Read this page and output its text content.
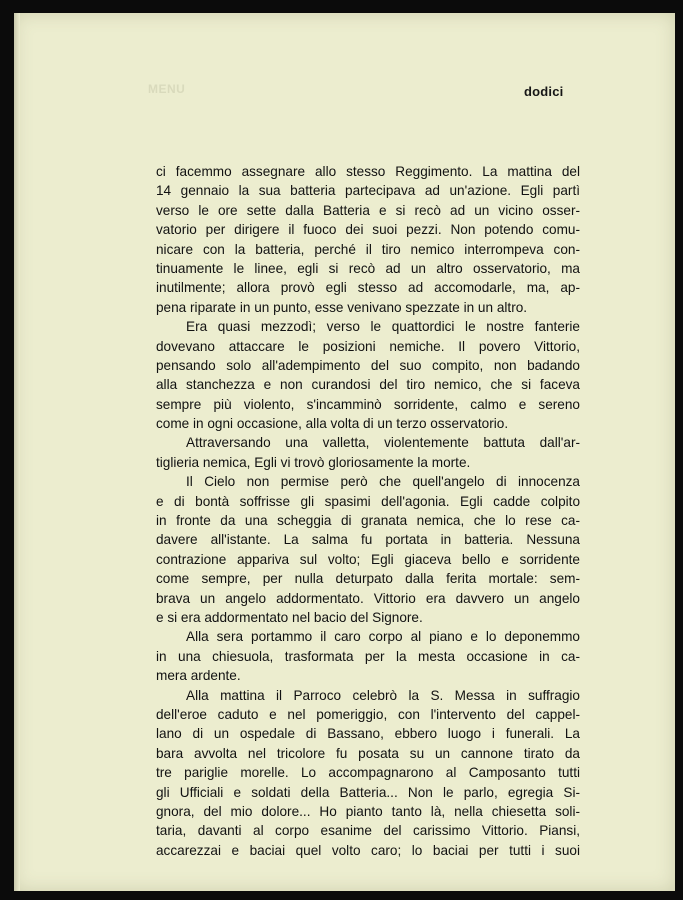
MENU	dodici
ci facemmo assegnare allo stesso Reggimento. La mattina del
14 gennaio la sua batteria partecipava ad un'azione. Egli partì
verso le ore sette dalla Batteria e si recò ad un vicino osser-
vatorio per dirigere il fuoco dei suoi pezzi. Non potendo comu-
nicare con la batteria, perché il tiro nemico interrompeva con-
tinuamente le linee, egli si recò ad un altro osservatorio, ma
inutilmente; allora provò egli stesso ad accomodarle, ma, ap-
pena riparate in un punto, esse venivano spezzate in un altro.
Era quasi mezzodì; verso le quattordici le nostre fanterie
dovevano attaccare le posizioni nemiche. Il povero Vittorio,
pensando solo all'adempimento del suo compito, non badando
alla stanchezza e non curandosi del tiro nemico, che si faceva
sempre più violento, s'incamminò sorridente, calmo e sereno
come in ogni occasione, alla volta di un terzo osservatorio.
Attraversando una valletta, violentemente battuta dall'ar-
tiglieria nemica, Egli vi trovò gloriosamente la morte.
Il Cielo non permise però che quell'angelo di innocenza
e di bontà soffrisse gli spasimi dell'agonia. Egli cadde colpito
in fronte da una scheggia di granata nemica, che lo rese ca-
davere all'istante. La salma fu portata in batteria. Nessuna
contrazione appariva sul volto; Egli giaceva bello e sorridente
come sempre, per nulla deturpato dalla ferita mortale: sem-
brava un angelo addormentato. Vittorio era davvero un angelo
e si era addormentato nel bacio del Signore.
Alla sera portammo il caro corpo al piano e lo deponemmo
in una chiesuola, trasformata per la mesta occasione in ca-
mera ardente.
Alla mattina il Parroco celebrò la S. Messa in suffragio
dell'eroe caduto e nel pomeriggio, con l'intervento del cappel-
lano di un ospedale di Bassano, ebbero luogo i funerali. La
bara avvolta nel tricolore fu posata su un cannone tirato da
tre pariglie morelle. Lo accompagnarono al Camposanto tutti
gli Ufficiali e soldati della Batteria... Non le parlo, egregia Si-
gnora, del mio dolore... Ho pianto tanto là, nella chiesetta soli-
taria, davanti al corpo esanime del carissimo Vittorio. Piansi,
accarezzai e baciai quel volto caro; lo baciai per tutti i suoi
